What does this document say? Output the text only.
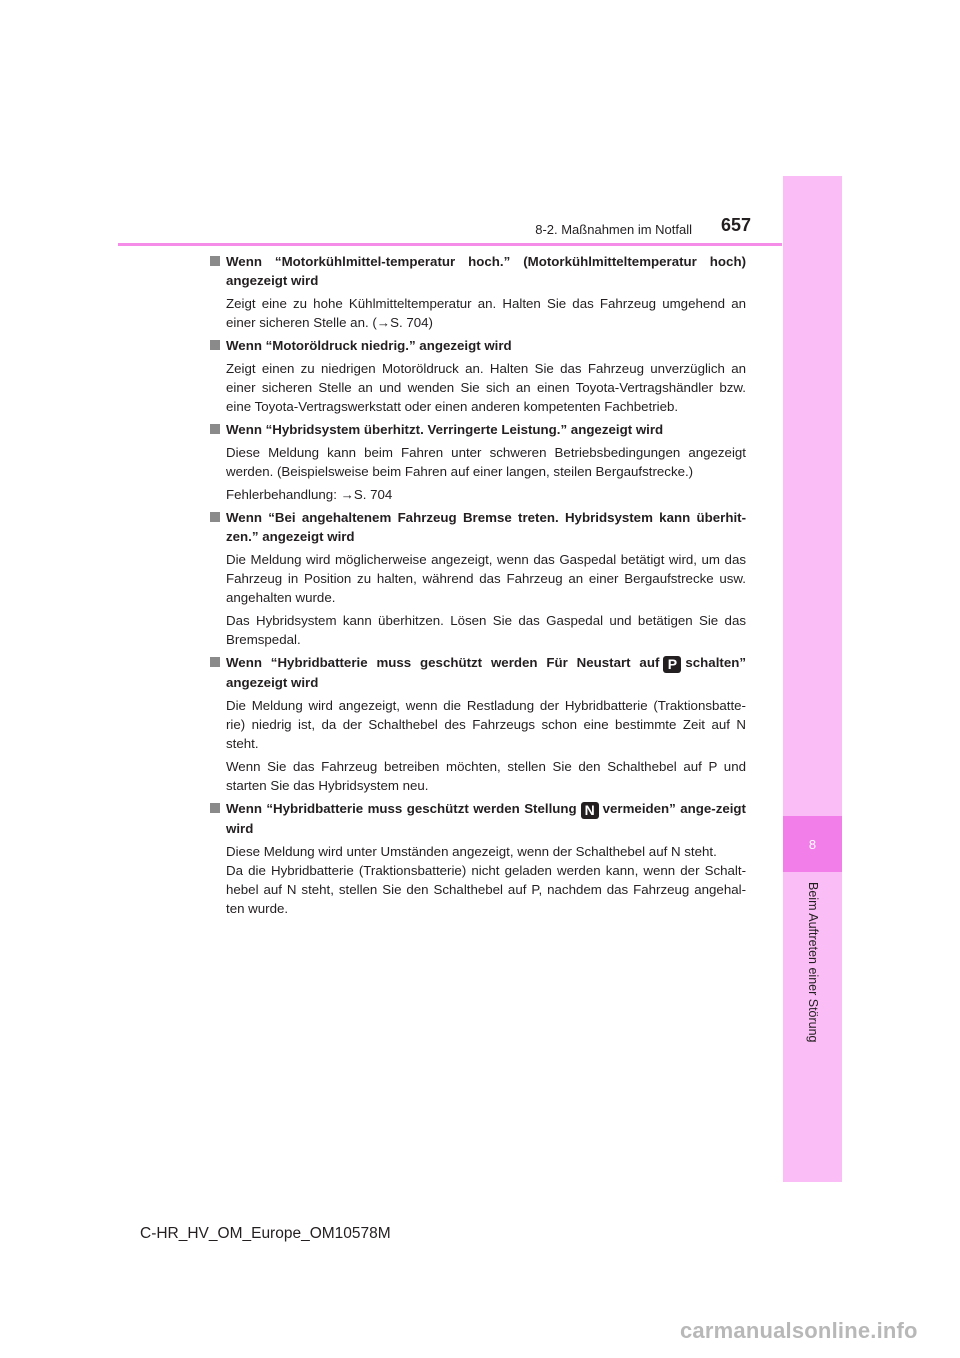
8
Beim Auftreten einer Störung
8-2. Maßnahmen im Notfall 657
Wenn “Motorkühlmittel-temperatur hoch.” (Motorkühlmitteltemperatur hoch) angezeigt wird
Zeigt eine zu hohe Kühlmitteltemperatur an. Halten Sie das Fahrzeug umgehend an einer sicheren Stelle an. (→S. 704)
Wenn “Motoröldruck niedrig.” angezeigt wird
Zeigt einen zu niedrigen Motoröldruck an. Halten Sie das Fahrzeug unverzüglich an einer sicheren Stelle an und wenden Sie sich an einen Toyota-Vertragshändler bzw. eine Toyota-Vertragswerkstatt oder einen anderen kompetenten Fachbetrieb.
Wenn “Hybridsystem überhitzt. Verringerte Leistung.” angezeigt wird
Diese Meldung kann beim Fahren unter schweren Betriebsbedingungen angezeigt werden. (Beispielsweise beim Fahren auf einer langen, steilen Bergaufstrecke.)
Fehlerbehandlung: →S. 704
Wenn “Bei angehaltenem Fahrzeug Bremse treten. Hybridsystem kann überhit-zen.” angezeigt wird
Die Meldung wird möglicherweise angezeigt, wenn das Gaspedal betätigt wird, um das Fahrzeug in Position zu halten, während das Fahrzeug an einer Bergaufstrecke usw. angehalten wurde.
Das Hybridsystem kann überhitzen. Lösen Sie das Gaspedal und betätigen Sie das Bremspedal.
Wenn “Hybridbatterie muss geschützt werden Für Neustart auf P schalten” angezeigt wird
Die Meldung wird angezeigt, wenn die Restladung der Hybridbatterie (Traktionsbatte-rie) niedrig ist, da der Schalthebel des Fahrzeugs schon eine bestimmte Zeit auf N steht.
Wenn Sie das Fahrzeug betreiben möchten, stellen Sie den Schalthebel auf P und starten Sie das Hybridsystem neu.
Wenn “Hybridbatterie muss geschützt werden Stellung N vermeiden” ange-zeigt wird
Diese Meldung wird unter Umständen angezeigt, wenn der Schalthebel auf N steht.
Da die Hybridbatterie (Traktionsbatterie) nicht geladen werden kann, wenn der Schalt-hebel auf N steht, stellen Sie den Schalthebel auf P, nachdem das Fahrzeug angehal-ten wurde.
C-HR_HV_OM_Europe_OM10578M
carmanualsonline.info
